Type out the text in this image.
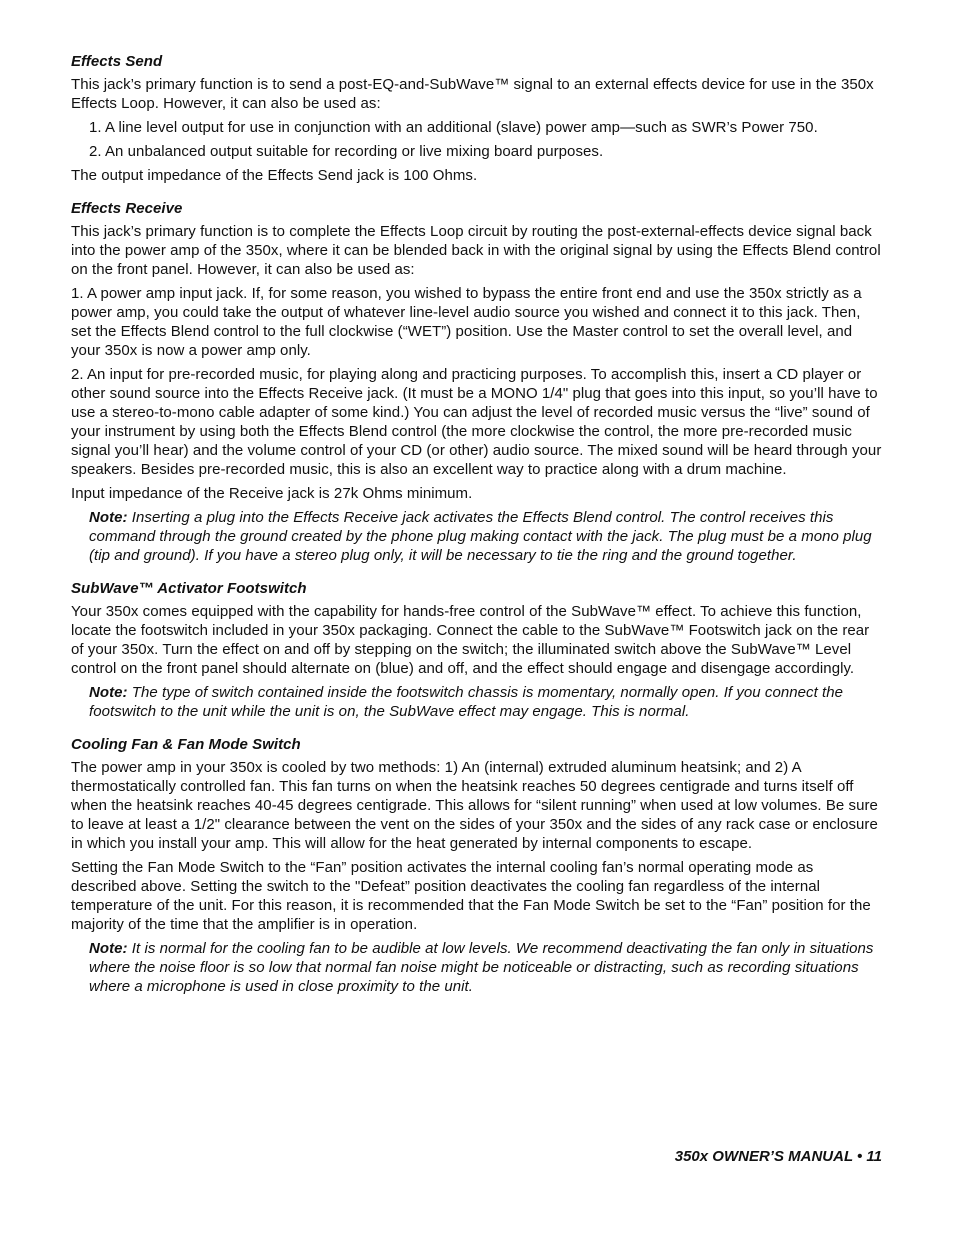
Effects Send

This jack’s primary function is to send a post-EQ-and-SubWave™ signal to an external effects device for use in the 350x Effects Loop. However, it can also be used as:

1. A line level output for use in conjunction with an additional (slave) power amp—such as SWR’s Power 750.

2. An unbalanced output suitable for recording or live mixing board purposes.

The output impedance of the Effects Send jack is 100 Ohms.

Effects Receive

This jack’s primary function is to complete the Effects Loop circuit by routing the post-external-effects device signal back into the power amp of the 350x, where it can be blended back in with the original signal by using the Effects Blend control on the front panel. However, it can also be used as:

1. A power amp input jack. If, for some reason, you wished to bypass the entire front end and use the 350x strictly as a power amp, you could take the output of whatever line-level audio source you wished and connect it to this jack. Then, set the Effects Blend control to the full clockwise (“WET”) position. Use the Master control to set the overall level, and your 350x is now a power amp only.

2. An input for pre-recorded music, for playing along and practicing purposes. To accomplish this, insert a CD player or other sound source into the Effects Receive jack. (It must be a MONO 1/4" plug that goes into this input, so you’ll have to use a stereo-to-mono cable adapter of some kind.) You can adjust the level of recorded music versus the “live” sound of your instrument by using both the Effects Blend control (the more clockwise the control, the more pre-recorded music signal you’ll hear) and the volume control of your CD (or other) audio source. The mixed sound will be heard through your speakers. Besides pre-recorded music, this is also an excellent way to practice along with a drum machine.

Input impedance of the Receive jack is 27k Ohms minimum.

Note: Inserting a plug into the Effects Receive jack activates the Effects Blend control. The control receives this command through the ground created by the phone plug making contact with the jack. The plug must be a mono plug (tip and ground). If you have a stereo plug only, it will be necessary to tie the ring and the ground together.

SubWave™ Activator Footswitch

Your 350x comes equipped with the capability for hands-free control of the SubWave™ effect. To achieve this function, locate the footswitch included in your 350x packaging. Connect the cable to the SubWave™ Footswitch jack on the rear of your 350x. Turn the effect on and off by stepping on the switch; the illuminated switch above the SubWave™ Level control on the front panel should alternate on (blue) and off, and the effect should engage and disengage accordingly.

Note: The type of switch contained inside the footswitch chassis is momentary, normally open. If you connect the footswitch to the unit while the unit is on, the SubWave effect may engage. This is normal.

Cooling Fan & Fan Mode Switch

The power amp in your 350x is cooled by two methods: 1) An (internal) extruded aluminum heatsink; and 2) A thermostatically controlled fan. This fan turns on when the heatsink reaches 50 degrees centigrade and turns itself off when the heatsink reaches 40-45 degrees centigrade. This allows for “silent running” when used at low volumes. Be sure to leave at least a 1/2" clearance between the vent on the sides of your 350x and the sides of any rack case or enclosure in which you install your amp. This will allow for the heat generated by internal components to escape.

Setting the Fan Mode Switch to the “Fan” position activates the internal cooling fan’s normal operating mode as described above. Setting the switch to the "Defeat” position deactivates the cooling fan regardless of the internal temperature of the unit. For this reason, it is recommended that the Fan Mode Switch be set to the “Fan” position for the majority of the time that the amplifier is in operation.

Note: It is normal for the cooling fan to be audible at low levels. We recommend deactivating the fan only in situations where the noise floor is so low that normal fan noise might be noticeable or distracting, such as recording situations where a microphone is used in close proximity to the unit.

350x OWNER’S MANUAL • 11
